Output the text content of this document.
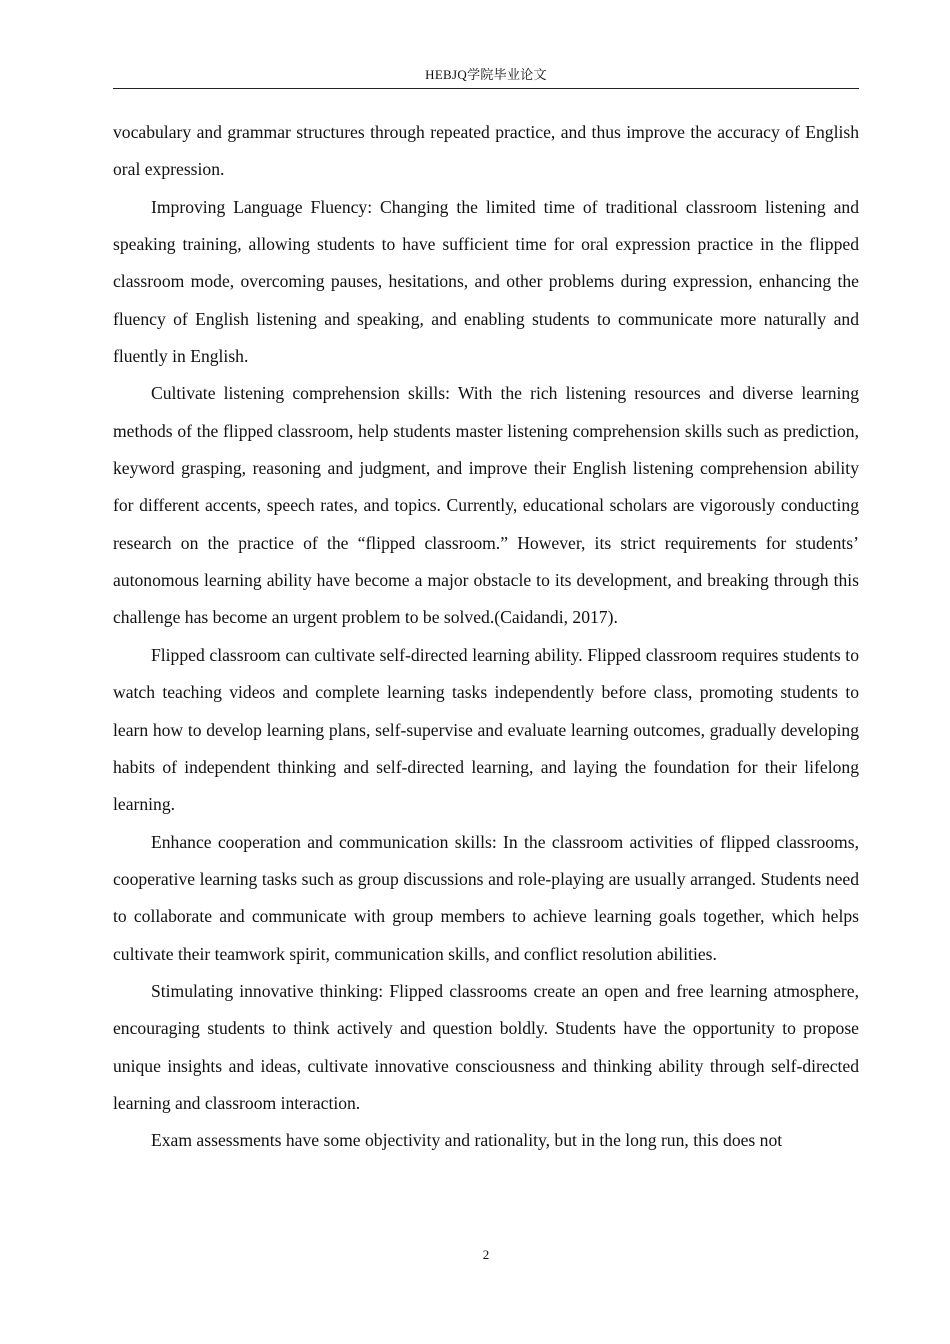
HEBJQ学院毕业论文

vocabulary and grammar structures through repeated practice, and thus improve the accuracy of English oral expression.

Improving Language Fluency: Changing the limited time of traditional classroom listening and speaking training, allowing students to have sufficient time for oral expression practice in the flipped classroom mode, overcoming pauses, hesitations, and other problems during expression, enhancing the fluency of English listening and speaking, and enabling students to communicate more naturally and fluently in English.

Cultivate listening comprehension skills: With the rich listening resources and diverse learning methods of the flipped classroom, help students master listening comprehension skills such as prediction, keyword grasping, reasoning and judgment, and improve their English listening comprehension ability for different accents, speech rates, and topics. Currently, educational scholars are vigorously conducting research on the practice of the “flipped classroom.” However, its strict requirements for students’ autonomous learning ability have become a major obstacle to its development, and breaking through this challenge has become an urgent problem to be solved.(Caidandi, 2017).

Flipped classroom can cultivate self-directed learning ability. Flipped classroom requires students to watch teaching videos and complete learning tasks independently before class, promoting students to learn how to develop learning plans, self-supervise and evaluate learning outcomes, gradually developing habits of independent thinking and self-directed learning, and laying the foundation for their lifelong learning.

Enhance cooperation and communication skills: In the classroom activities of flipped classrooms, cooperative learning tasks such as group discussions and role-playing are usually arranged. Students need to collaborate and communicate with group members to achieve learning goals together, which helps cultivate their teamwork spirit, communication skills, and conflict resolution abilities.

Stimulating innovative thinking: Flipped classrooms create an open and free learning atmosphere, encouraging students to think actively and question boldly. Students have the opportunity to propose unique insights and ideas, cultivate innovative consciousness and thinking ability through self-directed learning and classroom interaction.

Exam assessments have some objectivity and rationality, but in the long run, this does not

2
